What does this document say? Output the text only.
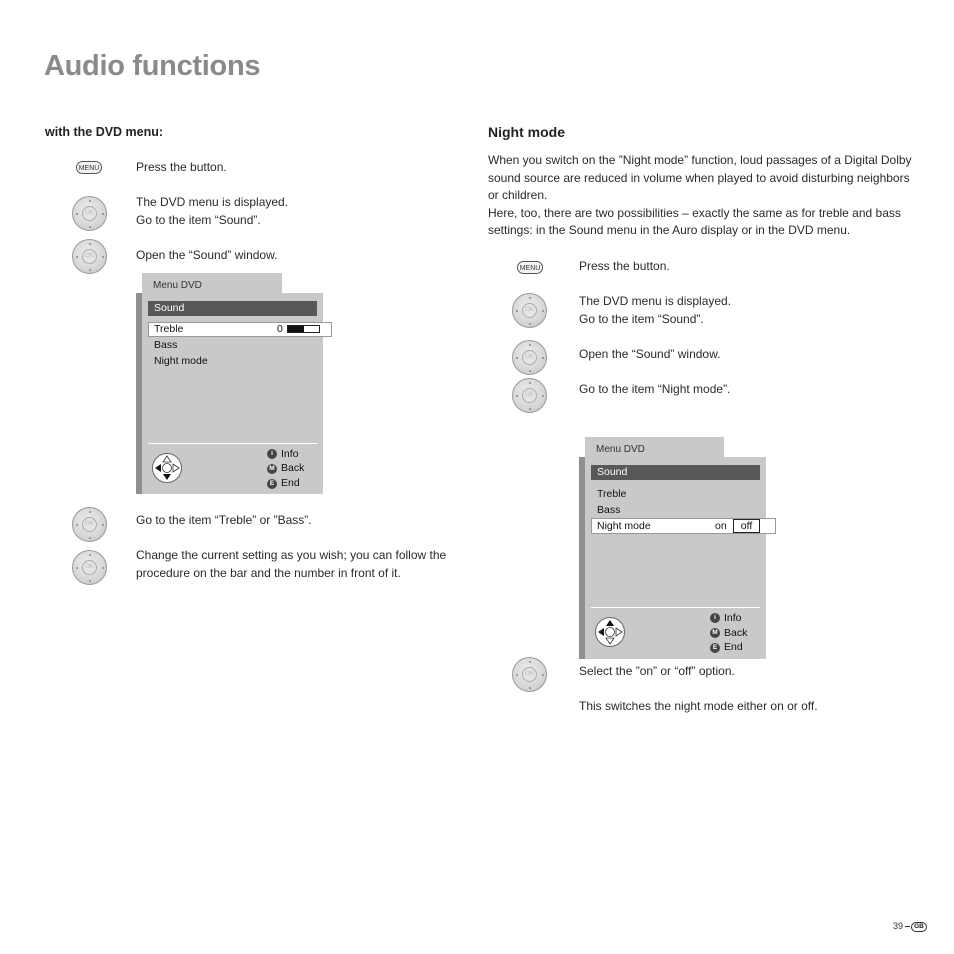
Audio functions
with the DVD menu:
MENU	Press the button.
OK
The DVD menu is displayed.
Go to the item “Sound”.
OK	Open the “Sound” window.
Menu DVD
Sound
Treble	0
Bass
Night mode
i Info
M Back
E End
OK	Go to the item “Treble” or ”Bass”.
OK
Change the current setting as you wish; you can follow the
procedure on the bar and the number in front of it.
Night mode
When you switch on the ”Night mode” function, loud passages of a Digital Dolby
sound source are reduced in volume when played to avoid disturbing neighbors
or children.
Here, too, there are two possibilities – exactly the same as for treble and bass
settings: in the Sound menu in the Auro display or in the DVD menu.
MENU	Press the button.
OK
The DVD menu is displayed.
Go to the item “Sound”.
OK	Open the “Sound” window.
OK	Go to the item “Night mode”.
Menu DVD
Sound
Treble
Bass
Night mode	on	off
i Info
M Back
E End
OK	Select the ”on” or “off” option.
This switches the night mode either on or off.
39	GB
